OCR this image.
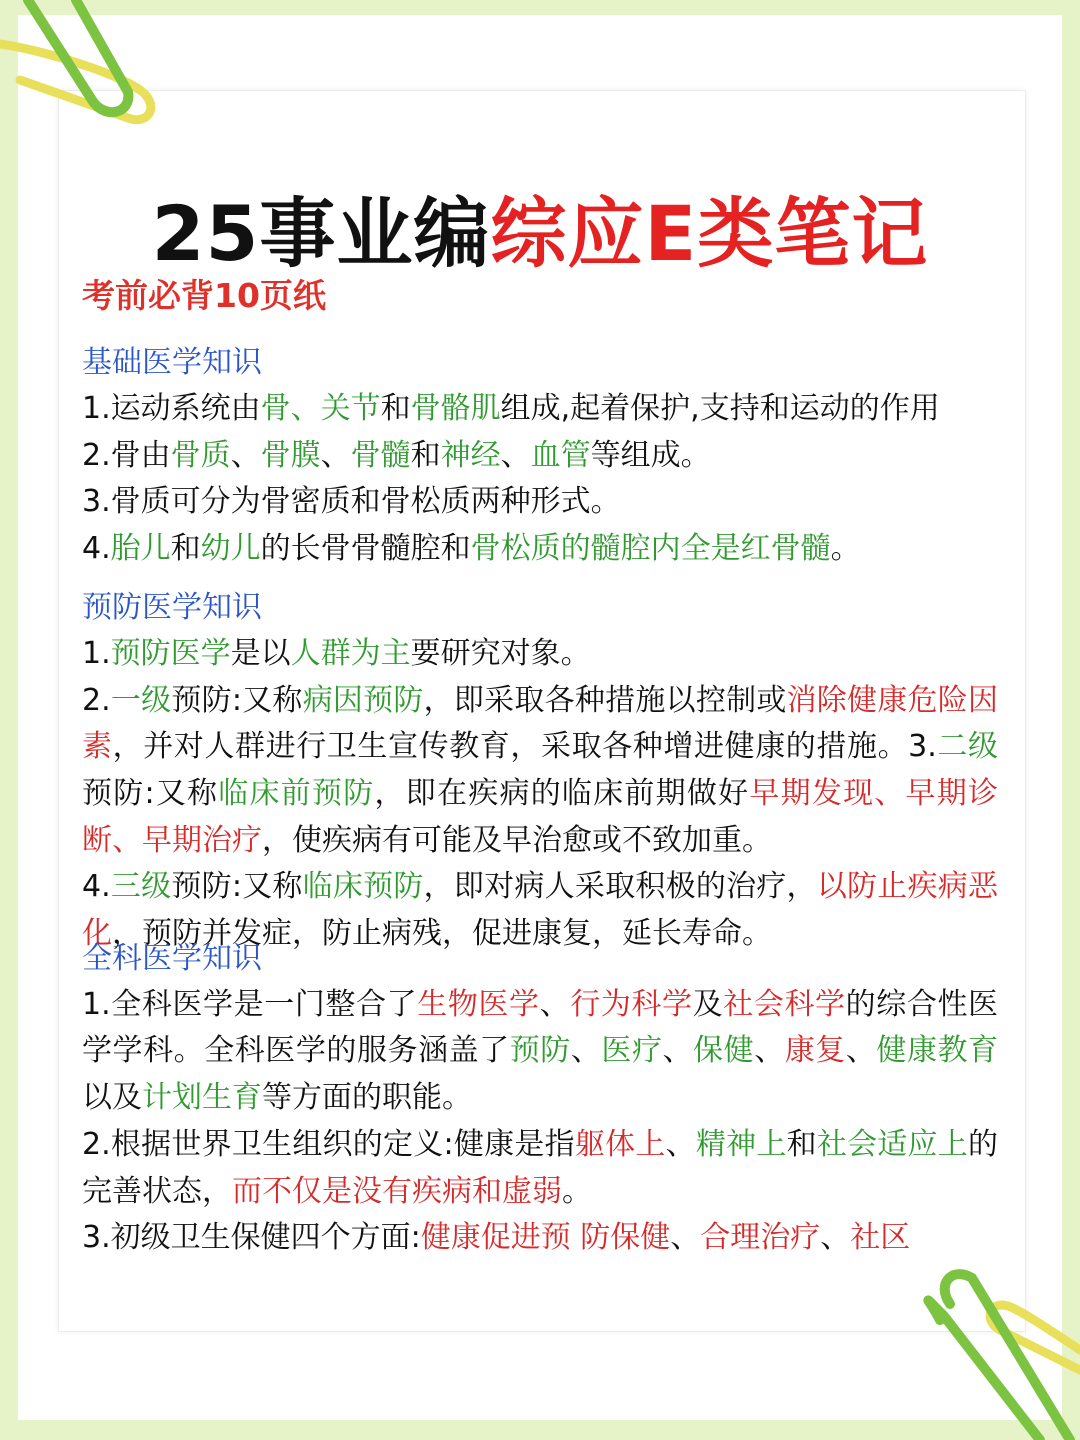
25事业编综应E类笔记
考前必背10页纸
基础医学知识
1.运动系统由骨、关节和骨骼肌组成,起着保护,支持和运动的作用
2.骨由骨质、骨膜、骨髓和神经、血管等组成。
3.骨质可分为骨密质和骨松质两种形式。
4.胎儿和幼儿的长骨骨髓腔和骨松质的髓腔内全是红骨髓。
预防医学知识
1.预防医学是以人群为主要研究对象。
2.一级预防:又称病因预防，即采取各种措施以控制或消除健康危险因素，并对人群进行卫生宣传教育，采取各种增进健康的措施。3.二级预防:又称临床前预防，即在疾病的临床前期做好早期发现、早期诊断、早期治疗，使疾病有可能及早治愈或不致加重。
4.三级预防:又称临床预防，即对病人采取积极的治疗，以防止疾病恶化，预防并发症，防止病残，促进康复，延长寿命。
全科医学知识
1.全科医学是一门整合了生物医学、行为科学及社会科学的综合性医学学科。全科医学的服务涵盖了预防、医疗、保健、康复、健康教育以及计划生育等方面的职能。
2.根据世界卫生组织的定义:健康是指躯体上、精神上和社会适应上的完善状态，而不仅是没有疾病和虚弱。
3.初级卫生保健四个方面:健康促进预 防保健、合理治疗、社区
